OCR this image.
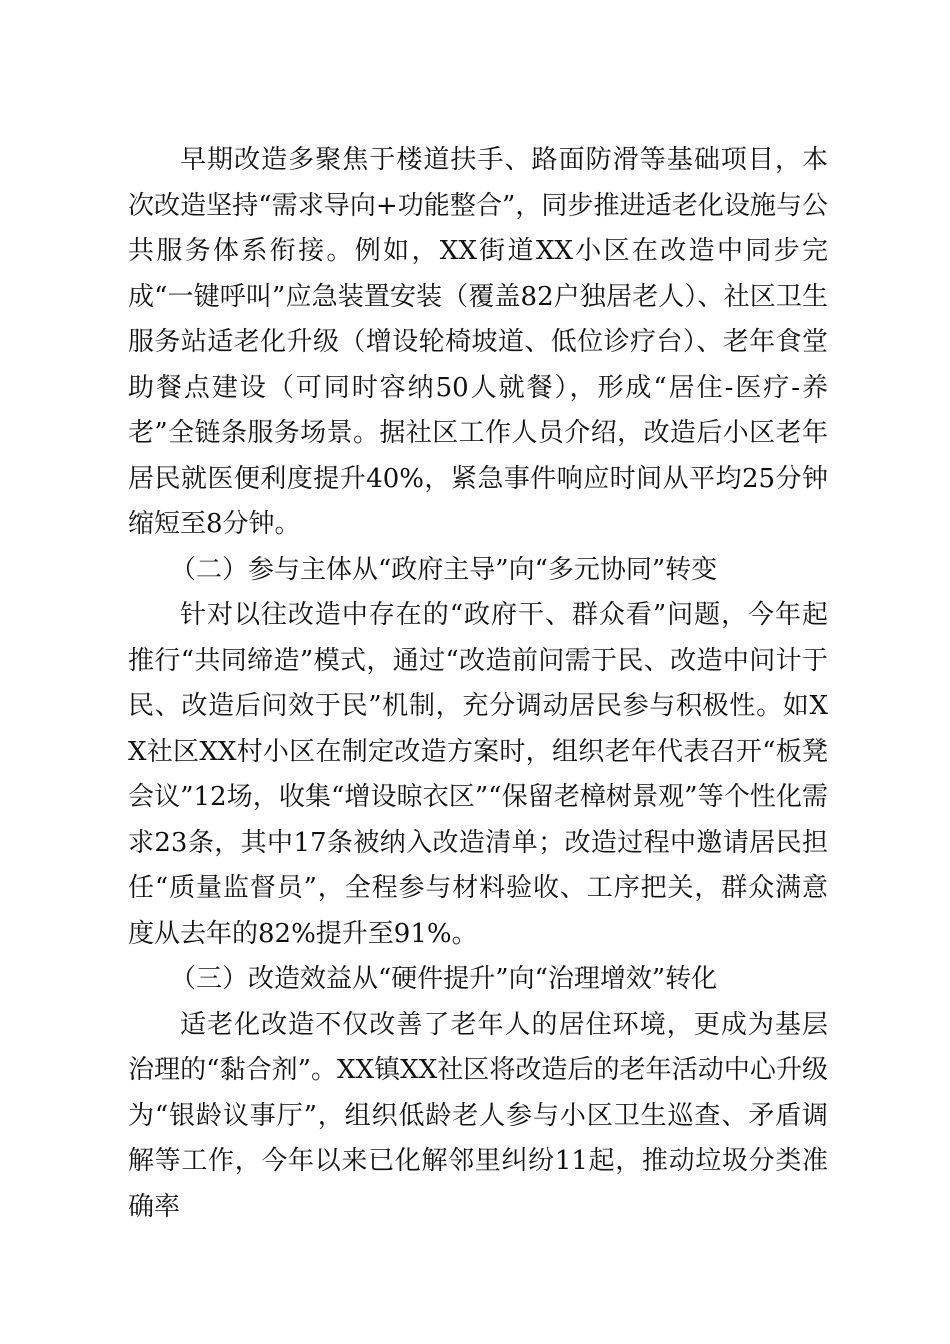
早期改造多聚焦于楼道扶手、路面防滑等基础项目，本次改造坚持“需求导向+功能整合”，同步推进适老化设施与公共服务体系衔接。例如，XX街道XX小区在改造中同步完成“一键呼叫”应急装置安装（覆盖82户独居老人）、社区卫生服务站适老化升级（增设轮椅坡道、低位诊疗台）、老年食堂助餐点建设（可同时容纳50人就餐），形成“居住-医疗-养老”全链条服务场景。据社区工作人员介绍，改造后小区老年居民就医便利度提升40%，紧急事件响应时间从平均25分钟缩短至8分钟。

（二）参与主体从“政府主导”向“多元协同”转变

针对以往改造中存在的“政府干、群众看”问题，今年起推行“共同缔造”模式，通过“改造前问需于民、改造中问计于民、改造后问效于民”机制，充分调动居民参与积极性。如XX社区XX村小区在制定改造方案时，组织老年代表召开“板凳会议”12场，收集“增设晾衣区”“保留老樟树景观”等个性化需求23条，其中17条被纳入改造清单；改造过程中邀请居民担任“质量监督员”，全程参与材料验收、工序把关，群众满意度从去年的82%提升至91%。

（三）改造效益从“硬件提升”向“治理增效”转化

适老化改造不仅改善了老年人的居住环境，更成为基层治理的“黏合剂”。XX镇XX社区将改造后的老年活动中心升级为“银龄议事厅”，组织低龄老人参与小区卫生巡查、矛盾调解等工作，今年以来已化解邻里纠纷11起，推动垃圾分类准确率
